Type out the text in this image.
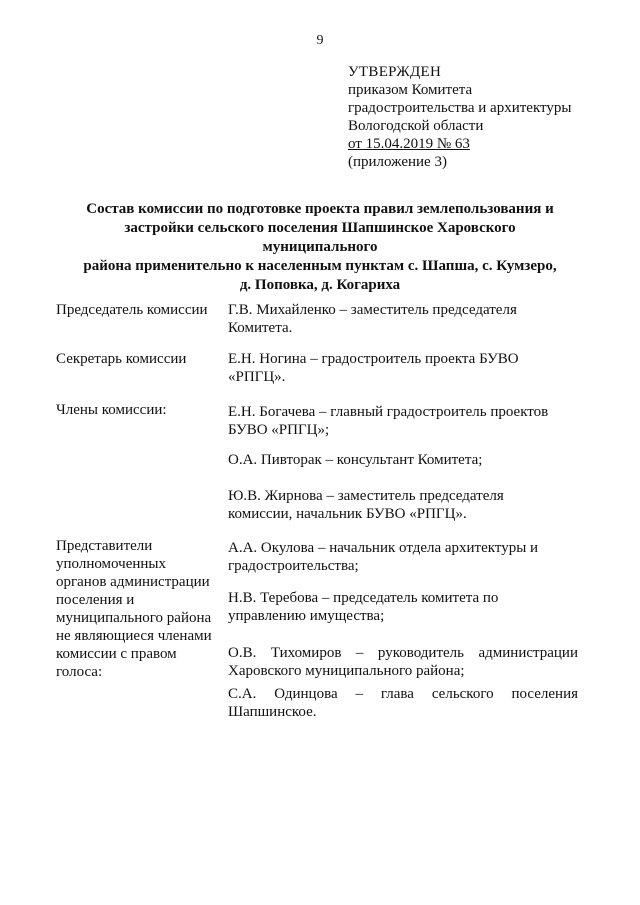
9
УТВЕРЖДЕН
приказом Комитета
градостроительства и архитектуры
Вологодской области
от 15.04.2019 № 63
(приложение 3)
Состав комиссии по подготовке проекта правил землепользования и
застройки сельского поселения Шапшинское Харовского муниципального
района применительно к населенным пунктам с. Шапша, с. Кумзеро,
д. Поповка, д. Когариха
Председатель комиссии
Секретарь комиссии
Члены комиссии:
Представители
уполномоченных
органов администрации
поселения и
муниципального района
не являющиеся членами
комиссии с правом
голоса:
Г.В. Михайленко – заместитель председателя
Комитета.
Е.Н. Ногина – градостроитель проекта БУВО
«РПГЦ».
Е.Н. Богачева – главный градостроитель проектов
БУВО «РПГЦ»;
О.А. Пивторак – консультант Комитета;
Ю.В. Жирнова – заместитель председателя
комиссии, начальник БУВО «РПГЦ».
А.А. Окулова – начальник отдела архитектуры и
градостроительства;
Н.В. Теребова – председатель комитета по
управлению имущества;
О.В. Тихомиров – руководитель администрации
Харовского муниципального района;
С.А. Одинцова – глава сельского поселения
Шапшинское.
